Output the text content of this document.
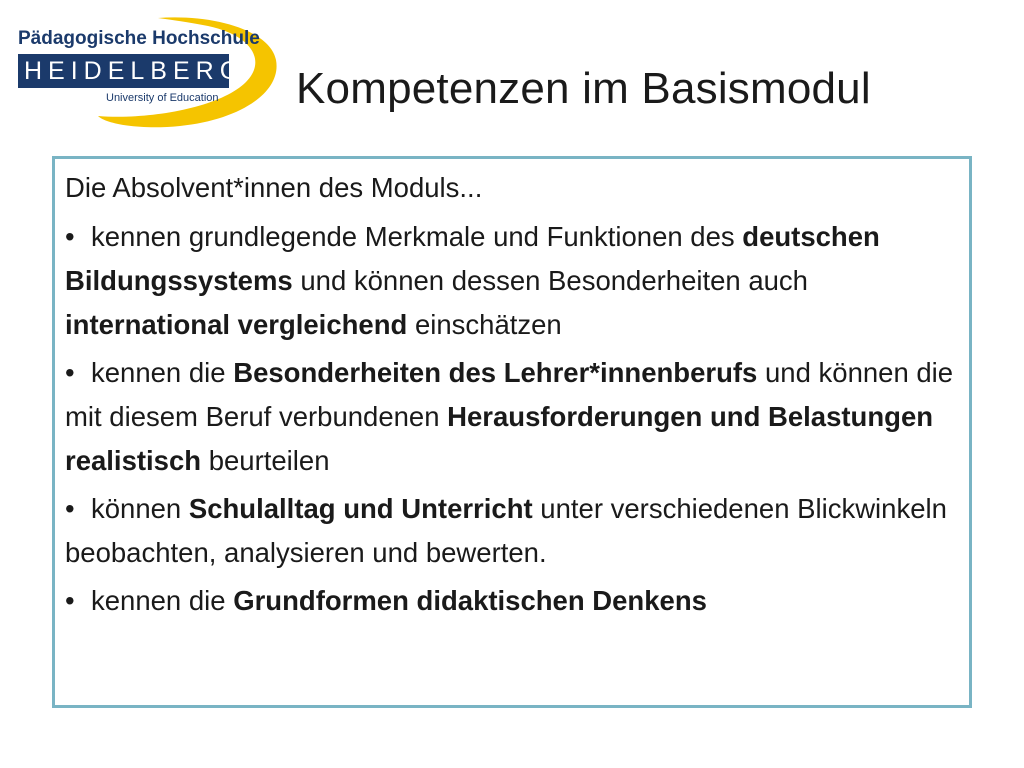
Pädagogische Hochschule
HEIDELBERG
University of Education Kompetenzen im Basismodul

Die Absolvent*innen des Moduls...

• kennen grundlegende Merkmale und Funktionen des deutschen Bildungssystems und können dessen Besonderheiten auch international vergleichend einschätzen

• kennen die Besonderheiten des Lehrer*innenberufs und können die mit diesem Beruf verbundenen Herausforderungen und Belastungen realistisch beurteilen

• können Schulalltag und Unterricht unter verschiedenen Blickwinkeln beobachten, analysieren und bewerten.

• kennen die Grundformen didaktischen Denkens
